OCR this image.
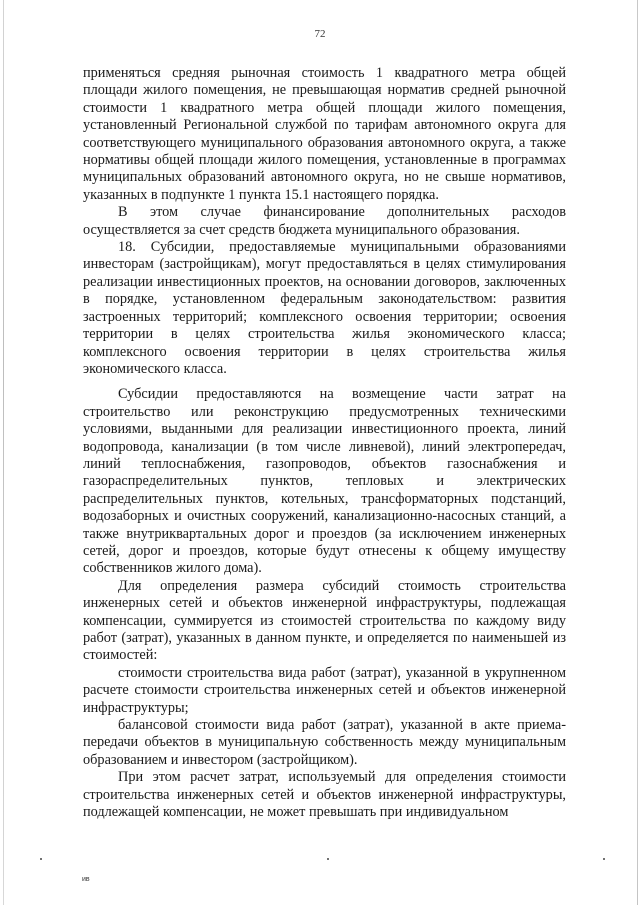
72

применяться средняя рыночная стоимость 1 квадратного метра общей площади жилого помещения, не превышающая норматив средней рыночной стоимости 1 квадратного метра общей площади жилого помещения, установленный Региональной службой по тарифам автономного округа для соответствующего муниципального образования автономного округа, а также нормативы общей площади жилого помещения, установленные в программах муниципальных образований автономного округа, но не свыше нормативов, указанных в подпункте 1 пункта 15.1 настоящего порядка.

В этом случае финансирование дополнительных расходов осуществляется за счет средств бюджета муниципального образования.

18. Субсидии, предоставляемые муниципальными образованиями инвесторам (застройщикам), могут предоставляться в целях стимулирования реализации инвестиционных проектов, на основании договоров, заключенных в порядке, установленном федеральным законодательством: развития застроенных территорий; комплексного освоения территории; освоения территории в целях строительства жилья экономического класса; комплексного освоения территории в целях строительства жилья экономического класса.

Субсидии предоставляются на возмещение части затрат на строительство или реконструкцию предусмотренных техническими условиями, выданными для реализации инвестиционного проекта, линий водопровода, канализации (в том числе ливневой), линий электропередач, линий теплоснабжения, газопроводов, объектов газоснабжения и газораспределительных пунктов, тепловых и электрических распределительных пунктов, котельных, трансформаторных подстанций, водозаборных и очистных сооружений, канализационно-насосных станций, а также внутриквартальных дорог и проездов (за исключением инженерных сетей, дорог и проездов, которые будут отнесены к общему имуществу собственников жилого дома).

Для определения размера субсидий стоимость строительства инженерных сетей и объектов инженерной инфраструктуры, подлежащая компенсации, суммируется из стоимостей строительства по каждому виду работ (затрат), указанных в данном пункте, и определяется по наименьшей из стоимостей:

стоимости строительства вида работ (затрат), указанной в укрупненном расчете стоимости строительства инженерных сетей и объектов инженерной инфраструктуры;

балансовой стоимости вида работ (затрат), указанной в акте приема-передачи объектов в муниципальную собственность между муниципальным образованием и инвестором (застройщиком).

При этом расчет затрат, используемый для определения стоимости строительства инженерных сетей и объектов инженерной инфраструктуры, подлежащей компенсации, не может превышать при индивидуальном

ив
